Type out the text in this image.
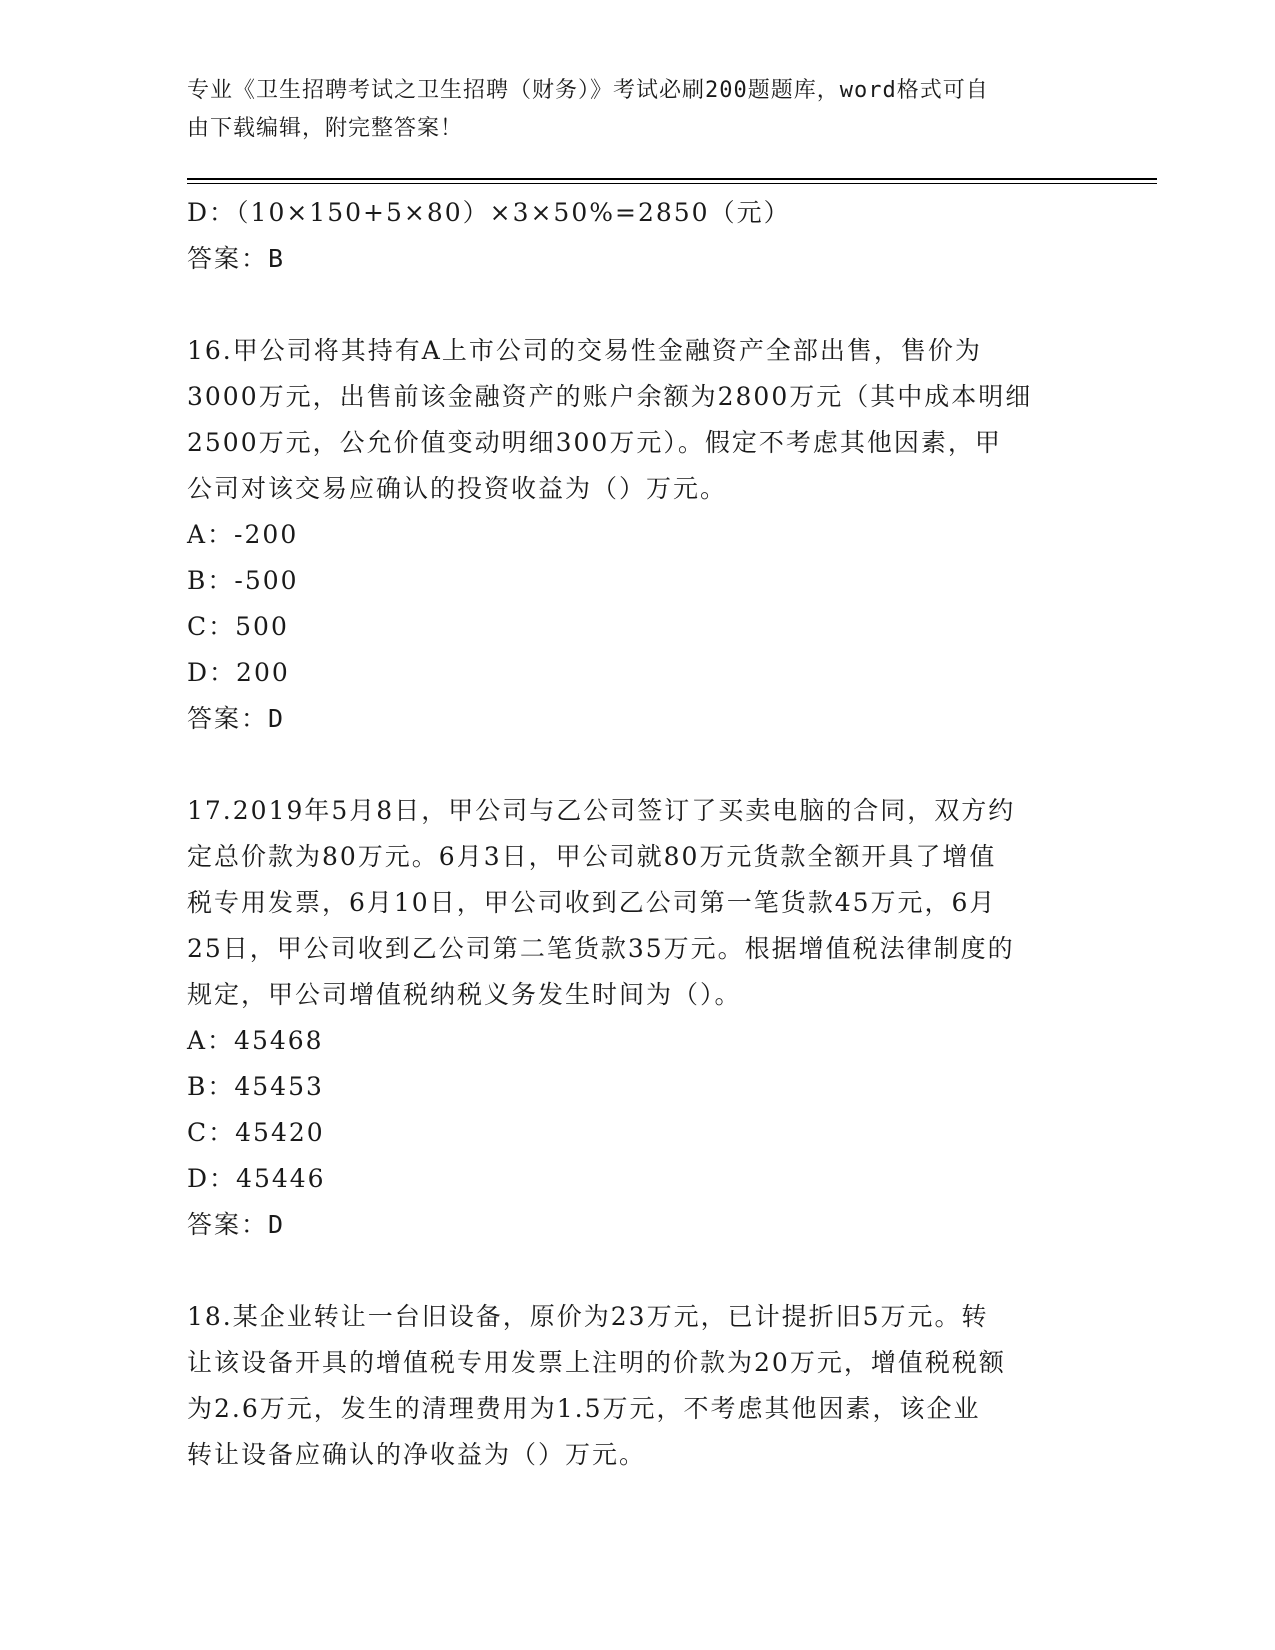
专业《卫生招聘考试之卫生招聘（财务）》考试必刷200题题库，word格式可自
由下载编辑，附完整答案！
D：（10×150+5×80）×3×50%=2850（元）
答案：B
16.甲公司将其持有A上市公司的交易性金融资产全部出售，售价为
3000万元，出售前该金融资产的账户余额为2800万元（其中成本明细
2500万元，公允价值变动明细300万元）。假定不考虑其他因素，甲
公司对该交易应确认的投资收益为（）万元。
A：-200
B：-500
C：500
D：200
答案：D
17.2019年5月8日，甲公司与乙公司签订了买卖电脑的合同，双方约
定总价款为80万元。6月3日，甲公司就80万元货款全额开具了增值
税专用发票，6月10日，甲公司收到乙公司第一笔货款45万元，6月
25日，甲公司收到乙公司第二笔货款35万元。根据增值税法律制度的
规定，甲公司增值税纳税义务发生时间为（）。
A：45468
B：45453
C：45420
D：45446
答案：D
18.某企业转让一台旧设备，原价为23万元，已计提折旧5万元。转
让该设备开具的增值税专用发票上注明的价款为20万元，增值税税额
为2.6万元，发生的清理费用为1.5万元，不考虑其他因素，该企业
转让设备应确认的净收益为（）万元。
